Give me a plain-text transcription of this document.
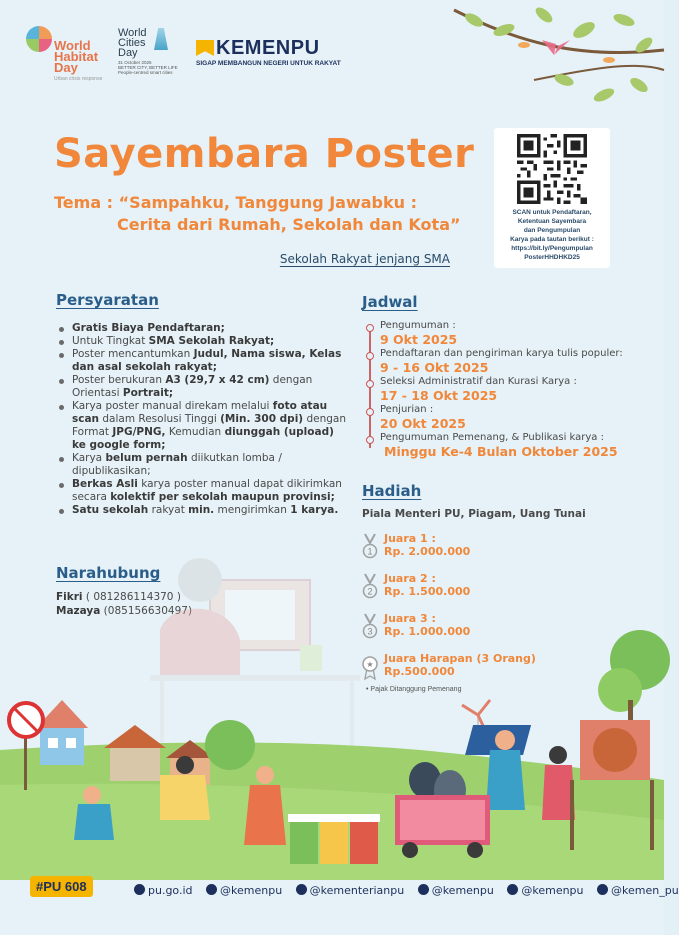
World Habitat Day
Urban crisis response
World Cities Day
31 October 2025
BETTER CITY, BETTER LIFE
People-centred smart cities
KEMENPU
SIGAP MEMBANGUN NEGERI UNTUK RAKYAT
Sayembara Poster
Tema : “Sampahku, Tanggung Jawabku :
Cerita dari Rumah, Sekolah dan Kota”
Sekolah Rakyat jenjang SMA
SCAN untuk Pendaftaran,
Ketentuan Sayembara
dan Pengumpulan
Karya pada tautan berikut :
https://bit.ly/Pengumpulan
PosterHHDHKD25
Persyaratan
Gratis Biaya Pendaftaran;
Untuk Tingkat SMA Sekolah Rakyat;
Poster mencantumkan Judul, Nama siswa, Kelas dan asal sekolah rakyat;
Poster berukuran A3 (29,7 x 42 cm) dengan Orientasi Portrait;
Karya poster manual direkam melalui foto atau scan dalam Resolusi Tinggi (Min. 300 dpi) dengan Format JPG/PNG, Kemudian diunggah (upload) ke google form;
Karya belum pernah diikutkan lomba / dipublikasikan;
Berkas Asli karya poster manual dapat dikirimkan secara kolektif per sekolah maupun provinsi;
Satu sekolah rakyat min. mengirimkan 1 karya.
Narahubung
Fikri ( 081286114370 )
Mazaya (085156630497)
Jadwal
Pengumuman :
9 Okt 2025
Pendaftaran dan pengiriman karya tulis populer:
9 - 16 Okt 2025
Seleksi Administratif dan Kurasi Karya :
17 - 18 Okt 2025
Penjurian :
20 Okt 2025
Pengumuman Pemenang, & Publikasi karya :
Minggu Ke-4 Bulan Oktober 2025
Hadiah
Piala Menteri PU, Piagam, Uang Tunai
1
Juara 1 :
Rp. 2.000.000
2
Juara 2 :
Rp. 1.500.000
3
Juara 3 :
Rp. 1.000.000
★ Juara Harapan (3 Orang)
Rp.500.000
• Pajak Ditanggung Pemenang
#PU 608	pu.go.id	@kemenpu	@kementerianpu	@kemenpu	@kemenpu	@kemen_pu
